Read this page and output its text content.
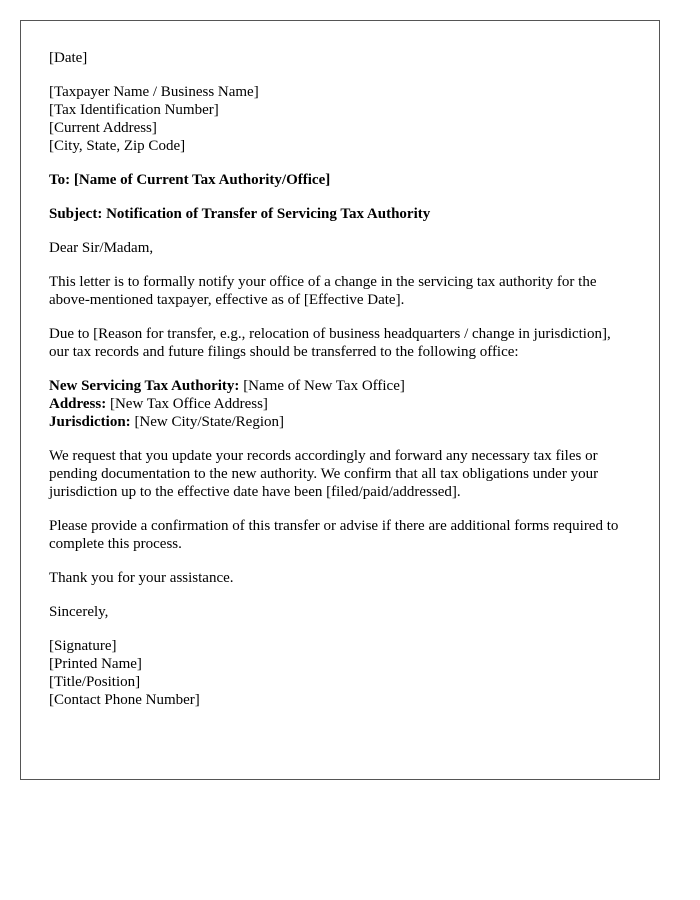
[Date]
[Taxpayer Name / Business Name]
[Tax Identification Number]
[Current Address]
[City, State, Zip Code]

To: [Name of Current Tax Authority/Office]

Subject: Notification of Transfer of Servicing Tax Authority

Dear Sir/Madam,

This letter is to formally notify your office of a change in the servicing tax authority for the above-mentioned taxpayer, effective as of [Effective Date].

Due to [Reason for transfer, e.g., relocation of business headquarters / change in jurisdiction], our tax records and future filings should be transferred to the following office:

New Servicing Tax Authority: [Name of New Tax Office]
Address: [New Tax Office Address]
Jurisdiction: [New City/State/Region]

We request that you update your records accordingly and forward any necessary tax files or pending documentation to the new authority. We confirm that all tax obligations under your jurisdiction up to the effective date have been [filed/paid/addressed].

Please provide a confirmation of this transfer or advise if there are additional forms required to complete this process.

Thank you for your assistance.

Sincerely,

[Signature]
[Printed Name]
[Title/Position]
[Contact Phone Number]
